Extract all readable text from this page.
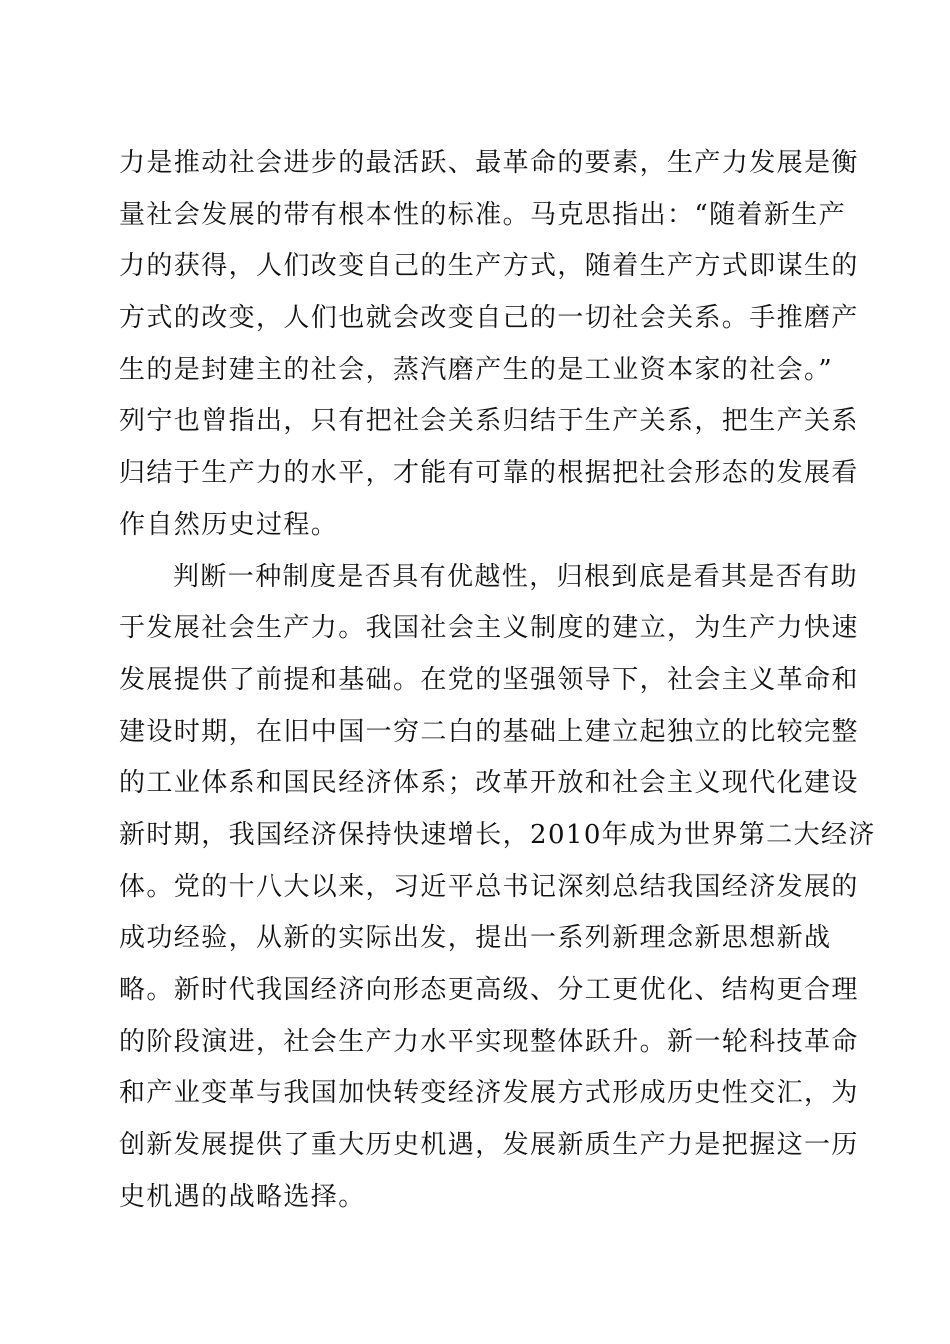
力是推动社会进步的最活跃、最革命的要素，生产力发展是衡
量社会发展的带有根本性的标准。马克思指出：“随着新生产
力的获得，人们改变自己的生产方式，随着生产方式即谋生的
方式的改变，人们也就会改变自己的一切社会关系。手推磨产
生的是封建主的社会，蒸汽磨产生的是工业资本家的社会。”
列宁也曾指出，只有把社会关系归结于生产关系，把生产关系
归结于生产力的水平，才能有可靠的根据把社会形态的发展看
作自然历史过程。
判断一种制度是否具有优越性，归根到底是看其是否有助
于发展社会生产力。我国社会主义制度的建立，为生产力快速
发展提供了前提和基础。在党的坚强领导下，社会主义革命和
建设时期，在旧中国一穷二白的基础上建立起独立的比较完整
的工业体系和国民经济体系；改革开放和社会主义现代化建设
新时期，我国经济保持快速增长，2010年成为世界第二大经济
体。党的十八大以来，习近平总书记深刻总结我国经济发展的
成功经验，从新的实际出发，提出一系列新理念新思想新战
略。新时代我国经济向形态更高级、分工更优化、结构更合理
的阶段演进，社会生产力水平实现整体跃升。新一轮科技革命
和产业变革与我国加快转变经济发展方式形成历史性交汇，为
创新发展提供了重大历史机遇，发展新质生产力是把握这一历
史机遇的战略选择。
